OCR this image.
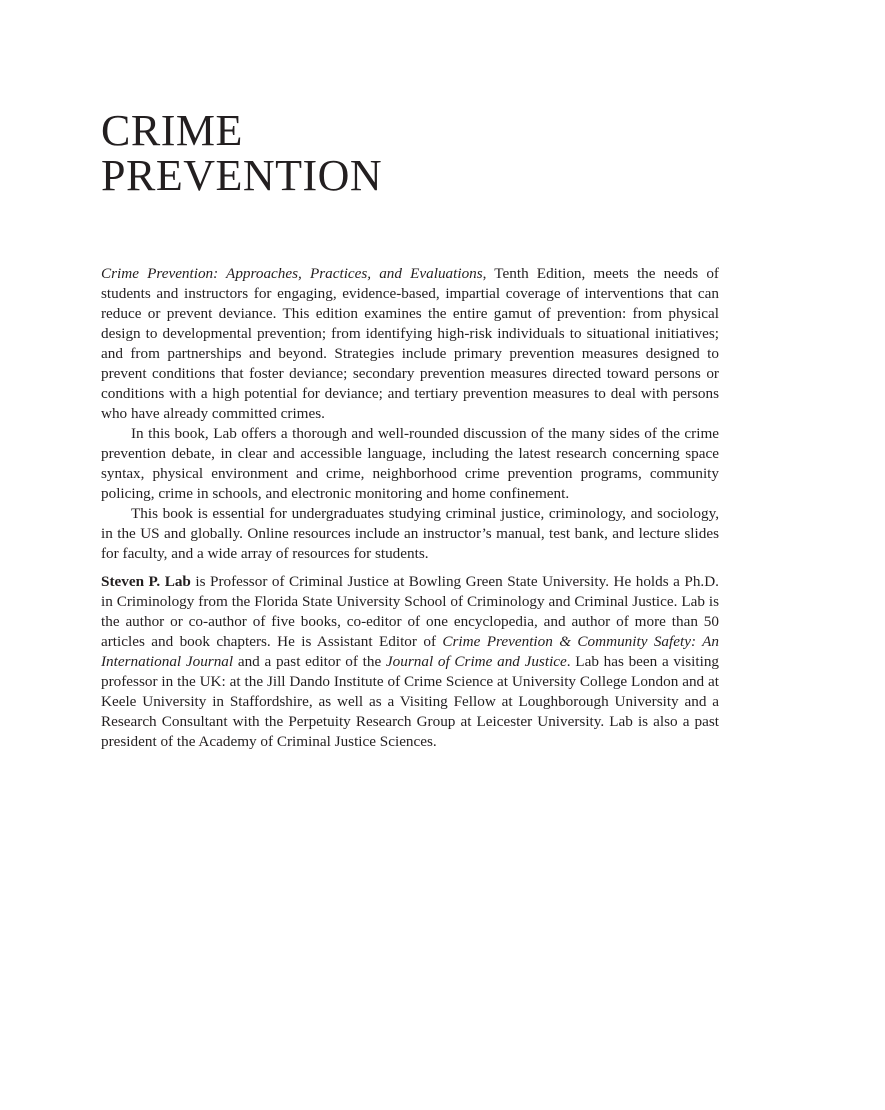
CRIME
PREVENTION

Crime Prevention: Approaches, Practices, and Evaluations, Tenth Edition, meets the needs of students and instructors for engaging, evidence-based, impartial coverage of interventions that can reduce or prevent deviance. This edition examines the entire gamut of prevention: from physical design to developmental prevention; from identifying high-risk individuals to situational initiatives; and from partnerships and beyond. Strategies include primary prevention measures designed to prevent conditions that foster deviance; secondary prevention measures directed toward persons or conditions with a high potential for deviance; and tertiary prevention measures to deal with persons who have already committed crimes.

In this book, Lab offers a thorough and well-rounded discussion of the many sides of the crime prevention debate, in clear and accessible language, including the latest research concerning space syntax, physical environment and crime, neighborhood crime prevention programs, community policing, crime in schools, and electronic monitoring and home confinement.

This book is essential for undergraduates studying criminal justice, criminology, and sociology, in the US and globally. Online resources include an instructor’s manual, test bank, and lecture slides for faculty, and a wide array of resources for students.

Steven P. Lab is Professor of Criminal Justice at Bowling Green State University. He holds a Ph.D. in Criminology from the Florida State University School of Criminology and Criminal Justice. Lab is the author or co-author of five books, co-editor of one encyclopedia, and author of more than 50 articles and book chapters. He is Assistant Editor of Crime Prevention & Community Safety: An International Journal and a past editor of the Journal of Crime and Justice. Lab has been a visiting professor in the UK: at the Jill Dando Institute of Crime Science at University College London and at Keele University in Staffordshire, as well as a Visiting Fellow at Loughborough University and a Research Consultant with the Perpetuity Research Group at Leicester University. Lab is also a past president of the Academy of Criminal Justice Sciences.
